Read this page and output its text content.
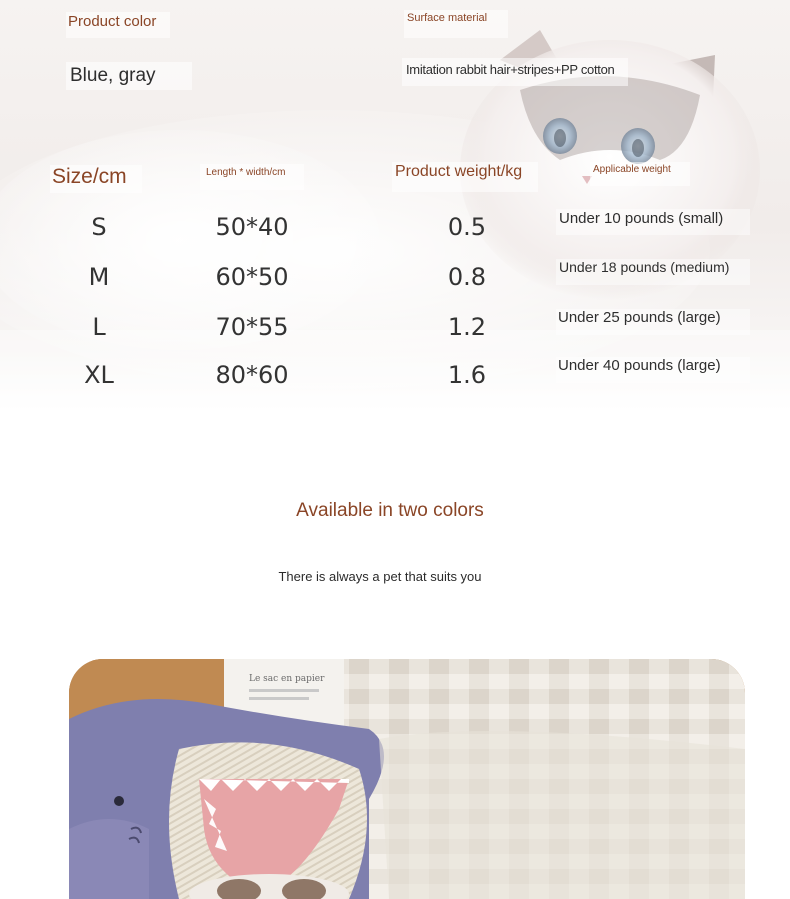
Product color	Surface material
Blue, gray	Imitation rabbit hair+stripes+PP cotton
Size/cm	Length * width/cm	Product weight/kg	Applicable weight
S	50*40	0.5	Under 10 pounds (small)
M	60*50	0.8	Under 18 pounds (medium)
L	70*55	1.2	Under 25 pounds (large)
XL	80*60	1.6	Under 40 pounds (large)
Available in two colors
There is always a pet that suits you
Le sac en papier
